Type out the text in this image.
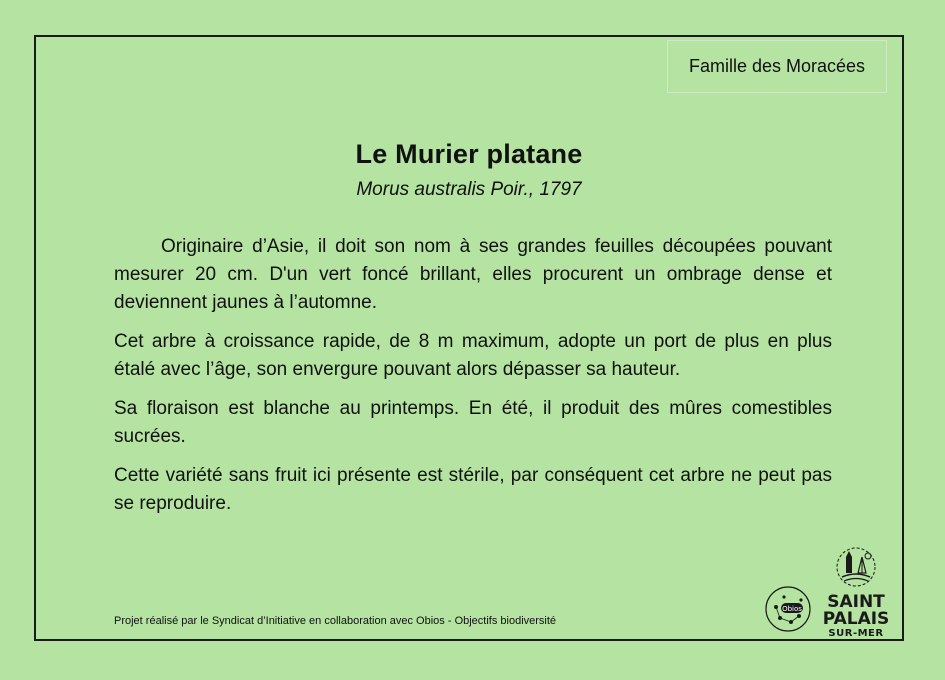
Famille des Moracées
Le Murier platane
Morus australis Poir., 1797

Originaire d’Asie, il doit son nom à ses grandes feuilles découpées pouvant mesurer 20 cm. D'un vert foncé brillant, elles procurent un ombrage dense et deviennent jaunes à l’automne.

Cet arbre à croissance rapide, de 8 m maximum, adopte un port de plus en plus étalé avec l’âge, son envergure pouvant alors dépasser sa hauteur.

Sa floraison est blanche au printemps. En été, il produit des mûres comestibles sucrées.

Cette variété sans fruit ici présente est stérile, par conséquent cet arbre ne peut pas se reproduire.

Projet réalisé par le Syndicat d’Initiative en collaboration avec Obios - Objectifs biodiversité
Obios	SAINT
PALAIS
SUR-MER
